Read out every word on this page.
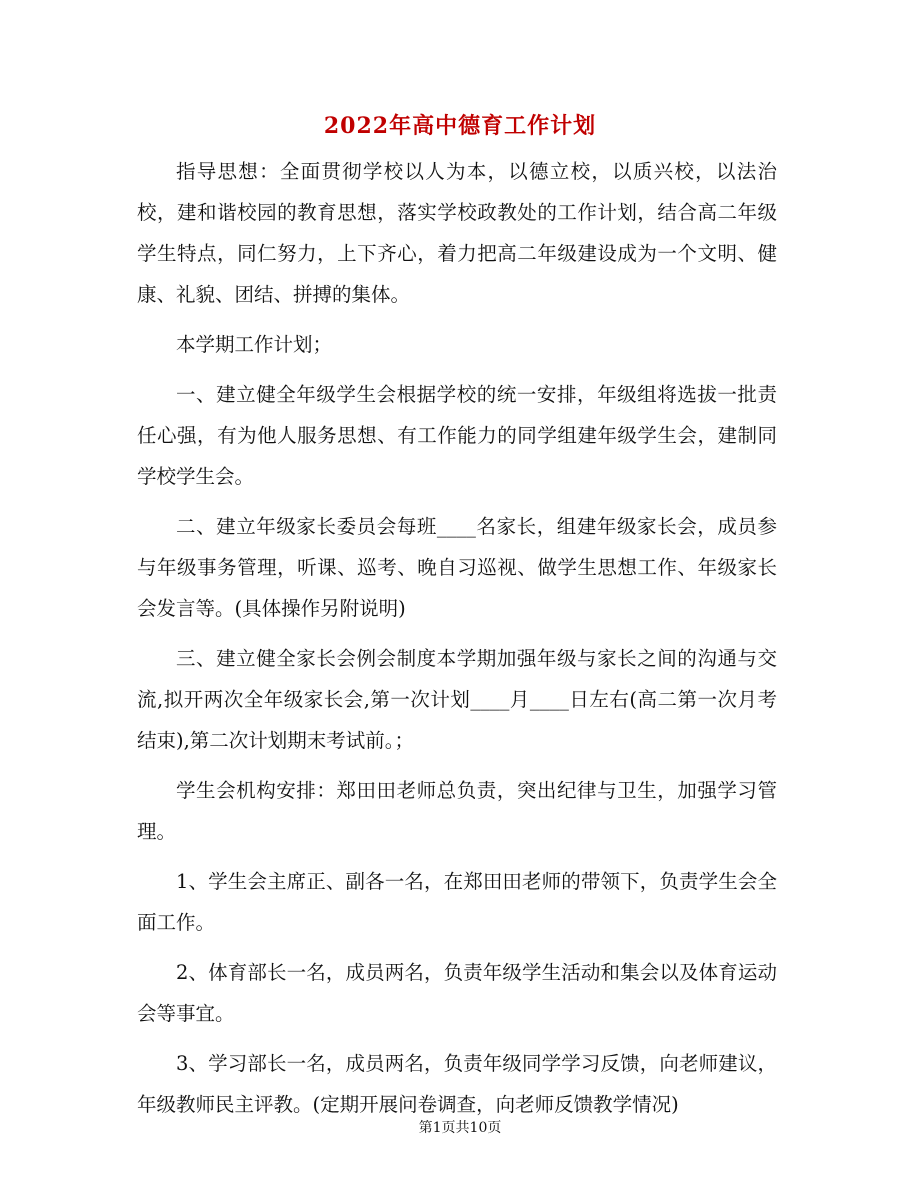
2022年高中德育工作计划

指导思想：全面贯彻学校以人为本，以德立校，以质兴校，以法治校，建和谐校园的教育思想，落实学校政教处的工作计划，结合高二年级学生特点，同仁努力，上下齐心，着力把高二年级建设成为一个文明、健康、礼貌、团结、拼搏的集体。

本学期工作计划；

一、建立健全年级学生会根据学校的统一安排，年级组将选拔一批责任心强，有为他人服务思想、有工作能力的同学组建年级学生会，建制同学校学生会。

二、建立年级家长委员会每班____名家长，组建年级家长会，成员参与年级事务管理，听课、巡考、晚自习巡视、做学生思想工作、年级家长会发言等。(具体操作另附说明)

三、建立健全家长会例会制度本学期加强年级与家长之间的沟通与交流,拟开两次全年级家长会,第一次计划____月____日左右(高二第一次月考结束),第二次计划期末考试前。；

学生会机构安排：郑田田老师总负责，突出纪律与卫生，加强学习管理。

1、学生会主席正、副各一名，在郑田田老师的带领下，负责学生会全面工作。

2、体育部长一名，成员两名，负责年级学生活动和集会以及体育运动会等事宜。

3、学习部长一名，成员两名，负责年级同学学习反馈，向老师建议，年级教师民主评教。(定期开展问卷调查，向老师反馈教学情况)

第1页共10页
